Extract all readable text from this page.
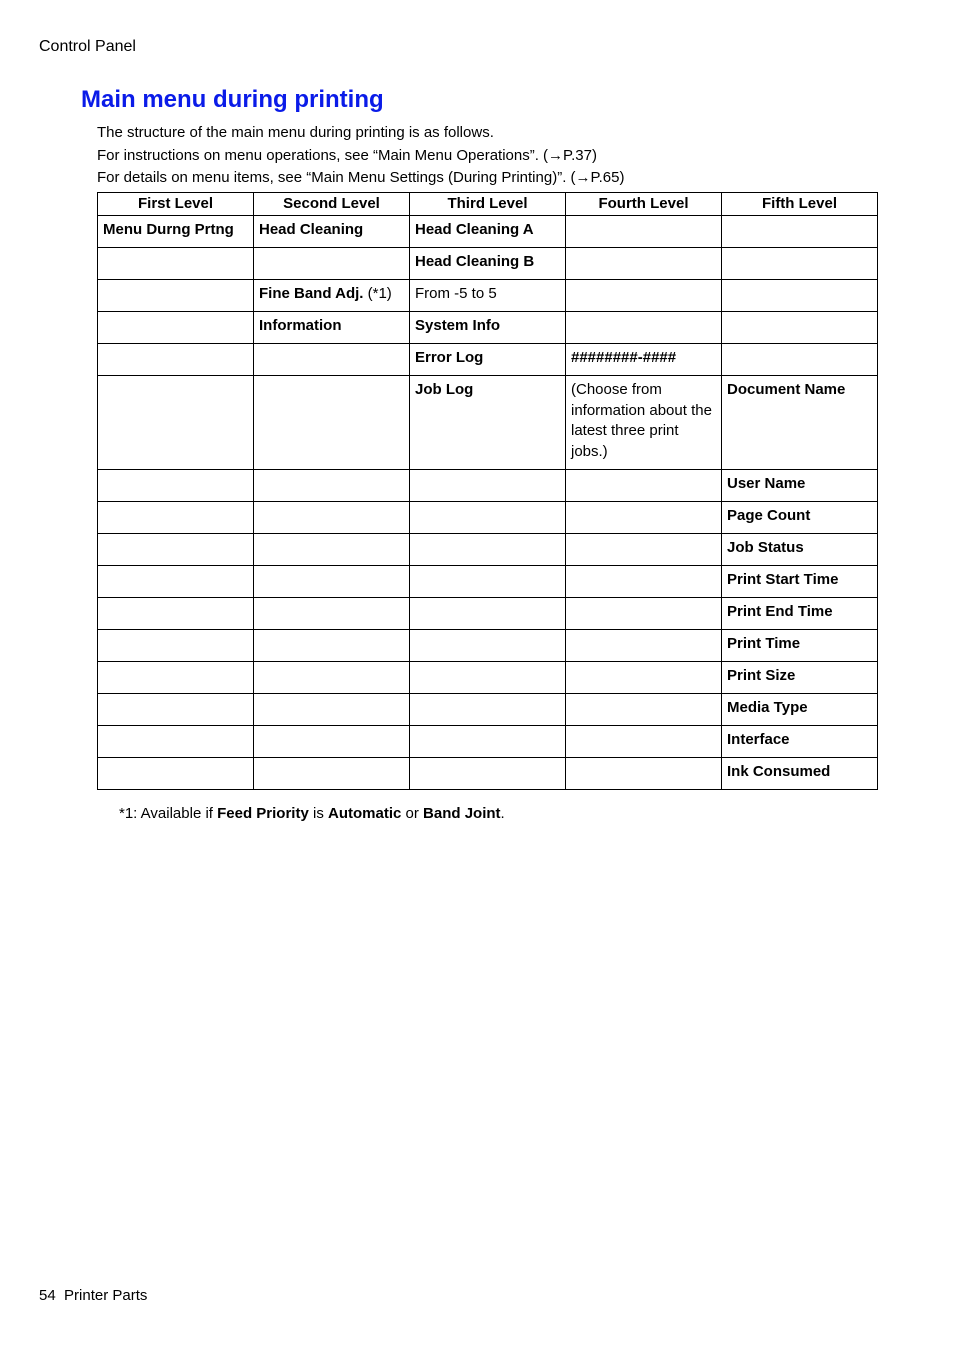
Control Panel
Main menu during printing

The structure of the main menu during printing is as follows.

For instructions on menu operations, see “Main Menu Operations”. (→P.37)

For details on menu items, see “Main Menu Settings (During Printing)”. (→P.65)

First Level	Second Level	Third Level	Fourth Level	Fifth Level
Menu Durng Prtng	Head Cleaning	Head Cleaning A		
		Head Cleaning B		
	Fine Band Adj. (*1)	From -5 to 5		
	Information	System Info		
		Error Log	########-####	
		Job Log	(Choose from information about the latest three print jobs.)	Document Name
				User Name
				Page Count
				Job Status
				Print Start Time
				Print End Time
				Print Time
				Print Size
				Media Type
				Interface
				Ink Consumed
*1: Available if Feed Priority is Automatic or Band Joint.
54 Printer Parts
